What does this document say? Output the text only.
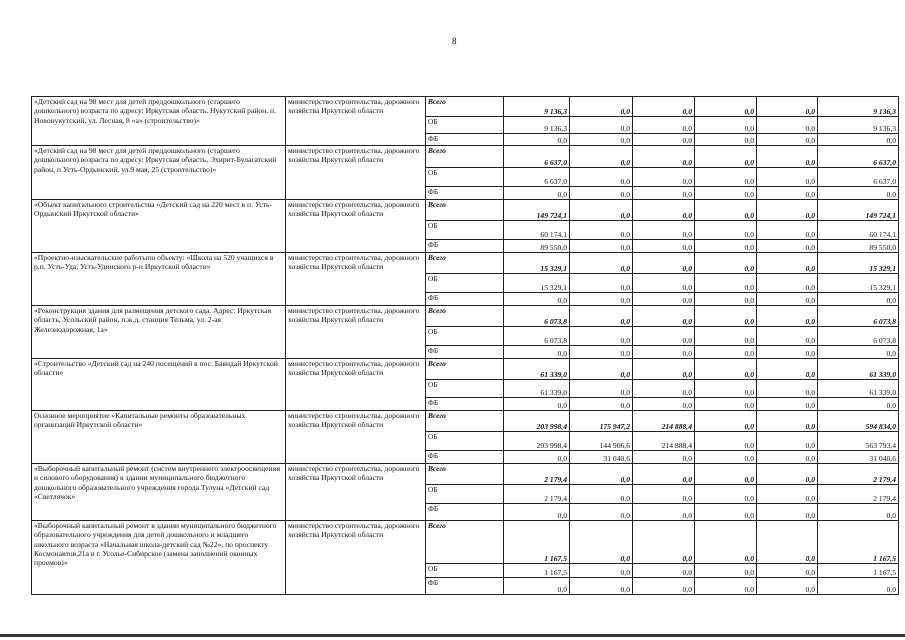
8
«Детский сад на 98 мест для детей преддошкольного (старшего дошкольного) возраста по адресу: Иркутская область, Нукутский район, п. Новонукутский, ул. Лесная, 8 «а» (строительство)»	министерство строительства, дорожного хозяйства Иркутской области	Всего	9 136,3	0,0	0,0	0,0	0,0	9 136,3
		ОБ	9 136,3	0,0	0,0	0,0	0,0	9 136,3
		ФБ	0,0	0,0	0,0	0,0	0,0	0,0
«Детский сад на 98 мест для детей преддошкольного (старшего дошкольного) возраста по адресу: Иркутская область, Эхирит-Булагатский район, п.Усть-Ордынский, ул.9 мая, 25 (строительство)»	министерство строительства, дорожного хозяйства Иркутской области	Всего	6 637,0	0,0	0,0	0,0	0,0	6 637,0
		ОБ	6 637,0	0,0	0,0	0,0	0,0	6 637,0
		ФБ	0,0	0,0	0,0	0,0	0,0	0,0
«Объект капитального строительства «Детский сад на 220 мест в п. Усть-Ордынский Иркутской области»	министерство строительства, дорожного хозяйства Иркутской области	Всего	149 724,1	0,0	0,0	0,0	0,0	149 724,1
		ОБ	60 174,1	0,0	0,0	0,0	0,0	60 174,1
		ФБ	89 550,0	0,0	0,0	0,0	0,0	89 550,0
«Проектно-изыскательские работыпо объекту: «Школа на 520 учащихся в р.п. Усть-Уда, Усть-Удинского р-н Иркутской области»	министерство строительства, дорожного хозяйства Иркутской области	Всего	15 329,1	0,0	0,0	0,0	0,0	15 329,1
		ОБ	15 329,1	0,0	0,0	0,0	0,0	15 329,1
		ФБ	0,0	0,0	0,0	0,0	0,0	0,0
«Реконструкция здания для размещения детского сада. Адрес: Иркутская область, Усольский район, п.ж.д. станция Тельма, ул. 2-ая Железнодорожная, 1а»	министерство строительства, дорожного хозяйства Иркутской области	Всего	6 073,8	0,0	0,0	0,0	0,0	6 073,8
		ОБ	6 073,8	0,0	0,0	0,0	0,0	6 073,8
		ФБ	0,0	0,0	0,0	0,0	0,0	0,0
«Строительство «Детский сад на 240 посещений в пос. Баяндай Иркутской области»	министерство строительства, дорожного хозяйства Иркутской области	Всего	61 339,0	0,0	0,0	0,0	0,0	61 339,0
		ОБ	61 339,0	0,0	0,0	0,0	0,0	61 339,0
		ФБ	0,0	0,0	0,0	0,0	0,0	0,0
Основное мероприятие «Капитальные ремонты образовательных организаций Иркутской области»	министерство строительства, дорожного хозяйства Иркутской области	Всего	203 998,4	175 947,2	214 888,4	0,0	0,0	594 834,0
		ОБ	203 998,4	144 906,6	214 888,4	0,0	0,0	563 793,4
		ФБ	0,0	31 040,6	0,0	0,0	0,0	31 040,6
«Выборочный капитальный ремонт (систем внутреннего электроосвещения и силового оборудования) в здании муниципального бюджетного дошкольного образовательного учреждения города Тулуна «Детский сад «Светлячок»	министерство строительства, дорожного хозяйства Иркутской области	Всего	2 179,4	0,0	0,0	0,0	0,0	2 179,4
		ОБ	2 179,4	0,0	0,0	0,0	0,0	2 179,4
		ФБ	0,0	0,0	0,0	0,0	0,0	0,0
«Выборочный капитальный ремонт в здании муниципального бюджетного образовательного учреждения для детей дошкольного и младшего школьного возраста «Начальная школа-детский сад №22», по проспекту Космонавтов,21а в г. Усолье-Сибирское (замена заполнений оконных проемов)»	министерство строительства, дорожного хозяйства Иркутской области	Всего	1 167,5	0,0	0,0	0,0	0,0	1 167,5
		ОБ	1 167,5	0,0	0,0	0,0	0,0	1 167,5
		ФБ	0,0	0,0	0,0	0,0	0,0	0,0
